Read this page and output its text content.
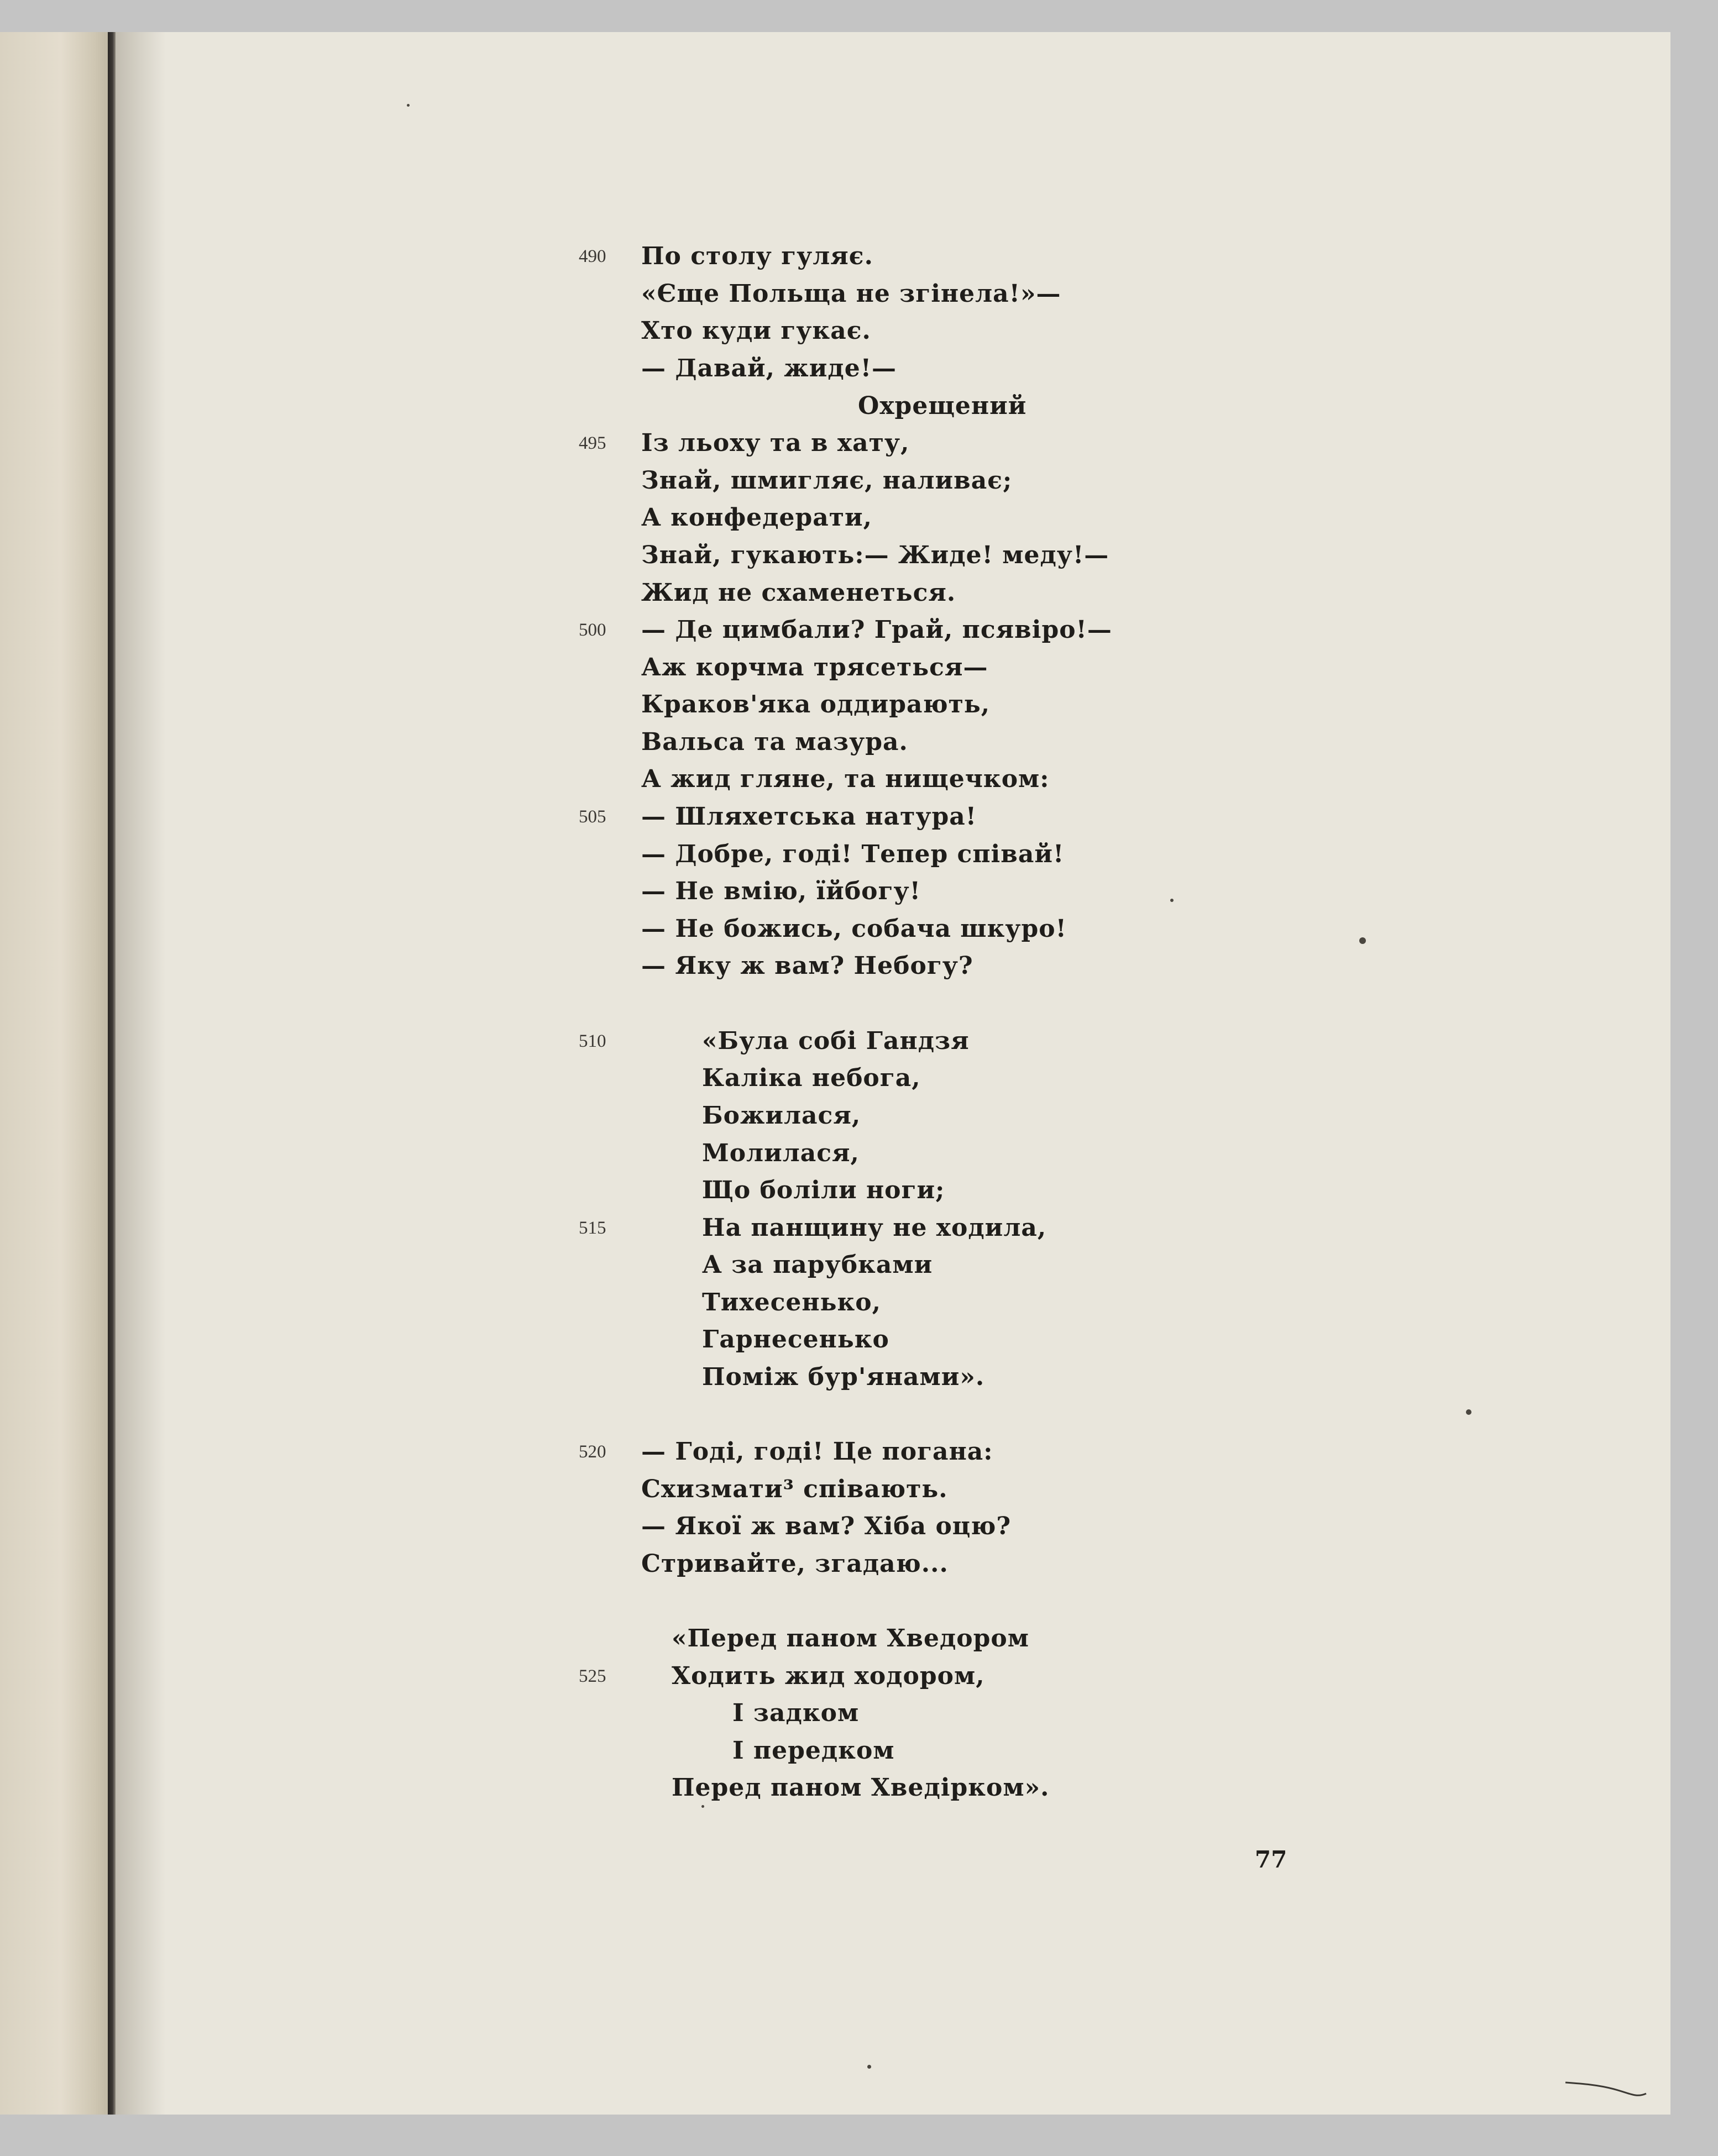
490
495
500
505
510
515
520
525
По столу гуляє.
«Єще Польща не згінела!»—
Хто куди гукає.
— Давай, жиде!—
Охрещений
Із льоху та в хату,
Знай, шмигляє, наливає;
А конфедерати,
Знай, гукають:— Жиде! меду!—
Жид не схаменеться.
— Де цимбали? Грай, псявіро!—
Аж корчма трясеться—
Краков'яка оддирають,
Вальса та мазура.
А жид гляне, та нищечком:
— Шляхетська натура!
— Добре, годі! Тепер співай!
— Не вмію, їйбогу!
— Не божись, собача шкуро!
— Яку ж вам? Небогу?
«Була собі Гандзя
Каліка небога,
Божилася,
Молилася,
Що боліли ноги;
На панщину не ходила,
А за парубками
Тихесенько,
Гарнесенько
Поміж бур'янами».
— Годі, годі! Це погана:
Схизмати³ співають.
— Якої ж вам? Хіба оцю?
Стривайте, згадаю...
«Перед паном Хведором
Ходить жид ходором,
І задком
І передком
Перед паном Хведірком».
77
